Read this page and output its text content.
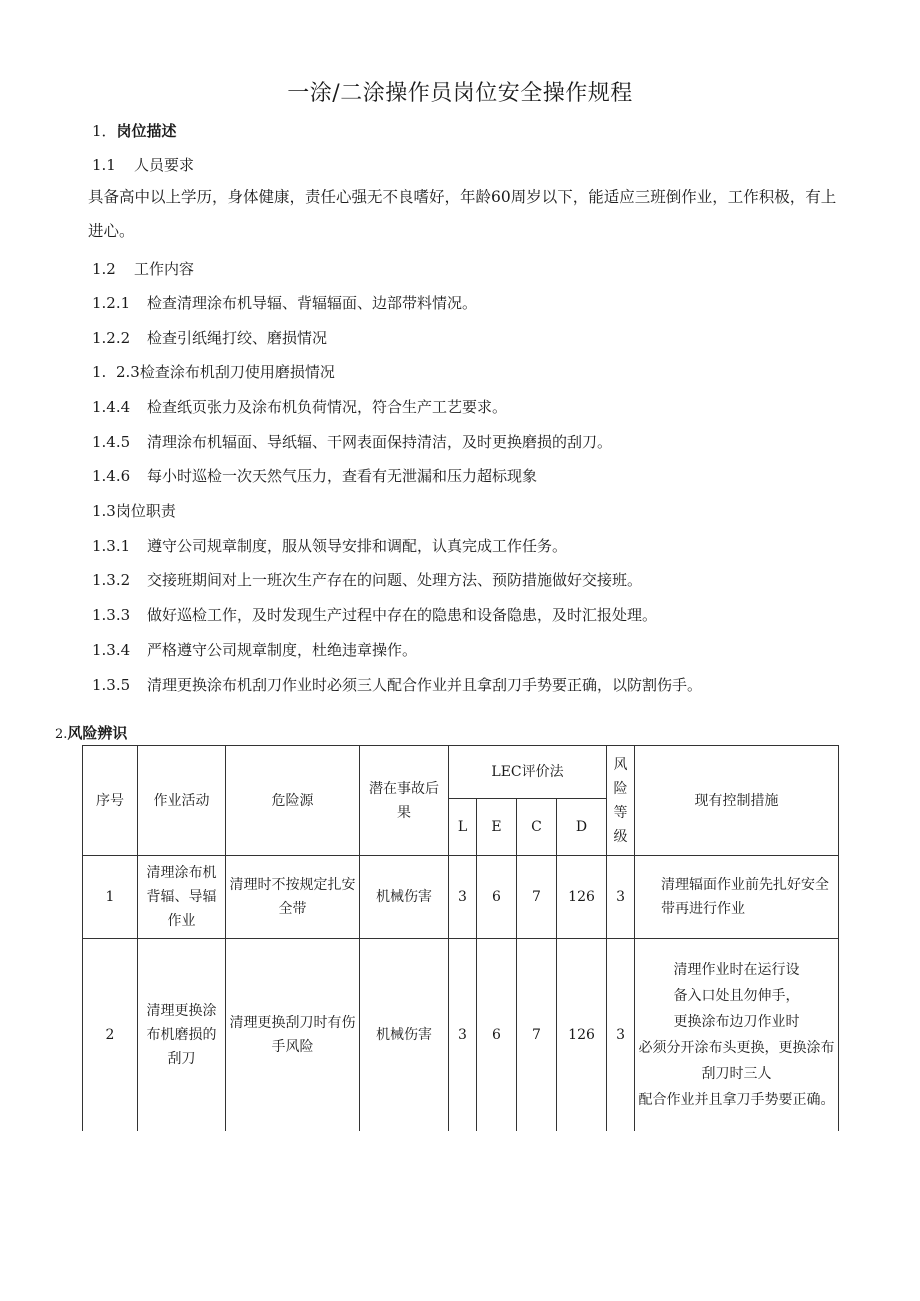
一涂/二涂操作员岗位安全操作规程
1．岗位描述
1.1 人员要求
具备高中以上学历，身体健康，责任心强无不良嗜好，年龄60周岁以下，能适应三班倒作业，工作积极，有上进心。
1.2 工作内容
1.2.1 检查清理涂布机导辐、背辐辐面、边部带料情况。
1.2.2 检查引纸绳打绞、磨损情况
1. 2.3检查涂布机刮刀使用磨损情况
1.4.4 检查纸页张力及涂布机负荷情况，符合生产工艺要求。
1.4.5 清理涂布机辐面、导纸辐、干网表面保持清洁，及时更换磨损的刮刀。
1.4.6 每小时巡检一次天然气压力，查看有无泄漏和压力超标现象
1.3岗位职责
1.3.1 遵守公司规章制度，服从领导安排和调配，认真完成工作任务。
1.3.2 交接班期间对上一班次生产存在的问题、处理方法、预防措施做好交接班。
1.3.3 做好巡检工作，及时发现生产过程中存在的隐患和设备隐患，及时汇报处理。
1.3.4 严格遵守公司规章制度，杜绝违章操作。
1.3.5 清理更换涂布机刮刀作业时必须三人配合作业并且拿刮刀手势要正确，以防割伤手。
2.风险辨识
序号	作业活动	危险源	潜在事故后果	LEC评价法				风险等级	现有控制措施
				L	E	C	D		
1	清理涂布机背辐、导辐作业	清理时不按规定扎安全带	机械伤害	3	6	7	126	3	清理辐面作业前先扎好安全带再进行作业
2	清理更换涂布机磨损的刮刀	清理更换刮刀时有伤手风险	机械伤害	3	6	7	126	3	清理作业时在运行设
备入口处且勿伸手，
更换涂布边刀作业时
必须分开涂布头更换，更换涂布刮刀时三人
配合作业并且拿刀手势要正确。
